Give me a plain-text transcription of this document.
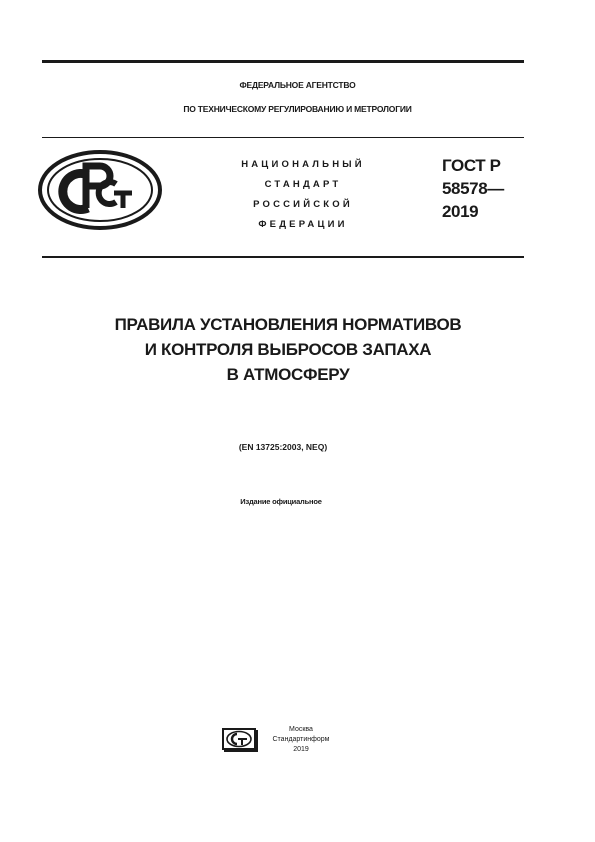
ФЕДЕРАЛЬНОЕ АГЕНТСТВО
ПО ТЕХНИЧЕСКОМУ РЕГУЛИРОВАНИЮ И МЕТРОЛОГИИ
НАЦИОНАЛЬНЫЙ
СТАНДАРТ
РОССИЙСКОЙ
ФЕДЕРАЦИИ
ГОСТ Р
58578—
2019
ПРАВИЛА УСТАНОВЛЕНИЯ НОРМАТИВОВ
И КОНТРОЛЯ ВЫБРОСОВ ЗАПАХА
В АТМОСФЕРУ
(EN 13725:2003, NEQ)
Издание официальное
Москва
Стандартинформ
2019
